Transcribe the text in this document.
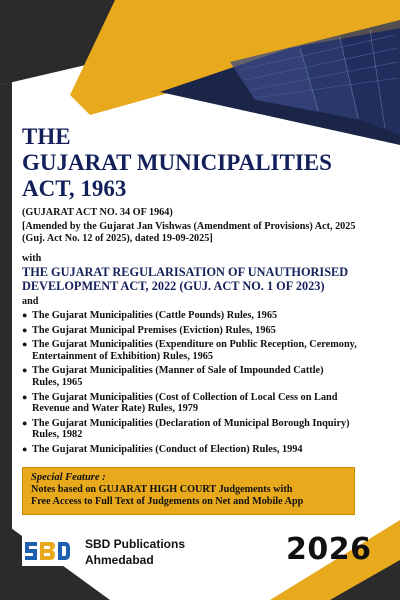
THE
GUJARAT MUNICIPALITIES
ACT, 1963
(GUJARAT ACT NO. 34 OF 1964)
[Amended by the Gujarat Jan Vishwas (Amendment of Provisions) Act, 2025
(Guj. Act No. 12 of 2025), dated 19-09-2025]
with
THE GUJARAT REGULARISATION OF UNAUTHORISED
DEVELOPMENT ACT, 2022 (GUJ. ACT NO. 1 OF 2023)
and
● The Gujarat Municipalities (Cattle Pounds) Rules, 1965
● The Gujarat Municipal Premises (Eviction) Rules, 1965
● The Gujarat Municipalities (Expenditure on Public Reception, Ceremony,
Entertainment of Exhibition) Rules, 1965
● The Gujarat Municipalities (Manner of Sale of Impounded Cattle)
Rules, 1965
● The Gujarat Municipalities (Cost of Collection of Local Cess on Land
Revenue and Water Rate) Rules, 1979
● The Gujarat Municipalities (Declaration of Municipal Borough Inquiry)
Rules, 1982
● The Gujarat Municipalities (Conduct of Election) Rules, 1994
Special Feature :
Notes based on GUJARAT HIGH COURT Judgements with
Free Access to Full Text of Judgements on Net and Mobile App
SBD Publications
Ahmedabad	2026
